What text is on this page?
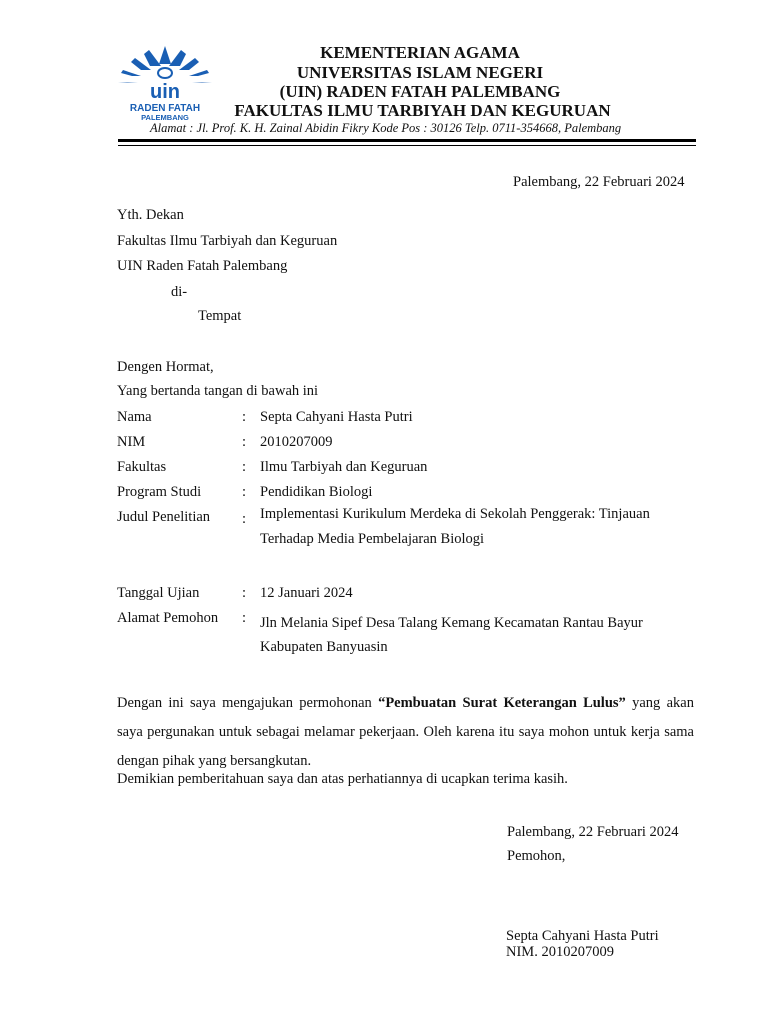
uin
RADEN FATAH
PALEMBANG
KEMENTERIAN AGAMA
UNIVERSITAS ISLAM NEGERI
(UIN) RADEN FATAH PALEMBANG
FAKULTAS ILMU TARBIYAH DAN KEGURUAN
Alamat : Jl. Prof. K. H. Zainal Abidin Fikry Kode Pos : 30126 Telp. 0711-354668, Palembang
Palembang, 22 Februari 2024
Yth. Dekan
Fakultas Ilmu Tarbiyah dan Keguruan
UIN Raden Fatah Palembang
di-
Tempat
Dengen Hormat,
Yang bertanda tangan di bawah ini
Nama	: Septa Cahyani Hasta Putri
NIM	: 2010207009
Fakultas	: Ilmu Tarbiyah dan Keguruan
Program Studi	: Pendidikan Biologi
Judul Penelitian : Implementasi Kurikulum Merdeka di Sekolah Penggerak: Tinjauan
Terhadap Media Pembelajaran Biologi
Tanggal Ujian	: 12 Januari 2024
Alamat Pemohon : Jln Melania Sipef Desa Talang Kemang Kecamatan Rantau Bayur
Kabupaten Banyuasin
Dengan ini saya mengajukan permohonan “Pembuatan Surat Keterangan Lulus” yang akan saya pergunakan untuk sebagai melamar pekerjaan. Oleh karena itu saya mohon untuk kerja sama dengan pihak yang bersangkutan.
Demikian pemberitahuan saya dan atas perhatiannya di ucapkan terima kasih.
Palembang, 22 Februari 2024
Pemohon,
Septa Cahyani Hasta Putri
NIM. 2010207009
